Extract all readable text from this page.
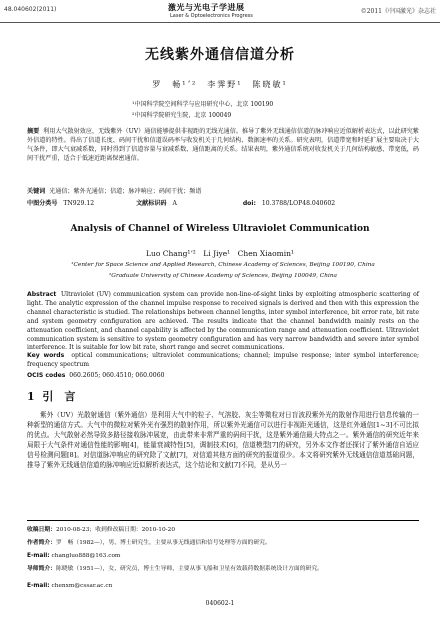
48.040602(2011)	激光与光电子学进展
Laser & Optoelectronics Progress
©2011《中国激光》杂志社
无线紫外通信信道分析
罗　畅¹ʼ²　李霁野¹　陈晓敏¹
¹中国科学院空间科学与应用研究中心，北京 100190
²中国科学院研究生院，北京 100049
摘要 利用大气散射效应，无线紫外（UV）通信能够提供非视距的无线光通信。推导了紫外无线通信信道的脉冲响应近似解析表达式，以此研究紫外信道的特性。得出了信道长度、码间干扰和信道误码率与收发机关于几何结构、数据速率的关系。研究表明，信道带宽和时延扩展主要取决于大气条件，即大气衰减系数，同时得到了信道容量与衰减系数、通信距离的关系。结果表明，紫外通信系统对收发机关于几何结构敏感、带宽低，码间干扰严重，适合于低速近距离保密通信。
关键词 光通信；紫外光通信；信道；脉冲响应；码间干扰；频谱
中图分类号 TN929.12	文献标识码 A	doi: 10.3788/LOP48.040602
Analysis of Channel of Wireless Ultraviolet Communication
Luo Chang¹ʼ²　Li Jiye¹　Chen Xiaomin¹
¹Center for Space Science and Applied Research, Chinese Academy of Sciences, Beijing 100190, China
²Graduate University of Chinese Academy of Sciences, Beijing 100049, China
Abstract Ultraviolet (UV) communication system can provide non-line-of-sight links by exploiting atmospheric scattering of light. The analytic expression of the channel impulse response to received signals is derived and then with this expression the channel characteristic is studied. The relationships between channel lengths, inter symbol interference, bit error rate, bit rate and system geometry configuration are achieved. The results indicate that the channel bandwidth mainly rests on the attenuation coefficient, and channel capability is affected by the communication range and attenuation coefficient. Ultraviolet communication system is sensitive to system geometry configuration and has very narrow bandwidth and severe inter symbol interference. It is suitable for low bit rate, short range and secret communications.
Key words optical communications; ultraviolet communications; channel; impulse response; inter symbol interference; frequency spectrum
OCIS codes 060.2605; 060.4510; 060.0060
1 引　言
紫外（UV）光散射通信（紫外通信）是利用大气中的粒子、气溶胶、灰尘等微粒对日盲波段紫外光的散射作用进行信息传输的一种新型的通信方式。大气中的微粒对紫外光有强烈的散射作用，所以紫外光通信可以进行非视距光通信，这是红外通信[1~3]不可比拟的优点。大气散射必然导致多路径接收脉冲展宽，由此带来非常严重的码间干扰，这是紫外通信最大特点之一。紫外通信的研究近年来局限于大气条件对通信性能的影响[4]，能量衰减特性[5]，调制技术[6]，信道模型[7]的研究，另外本文作者还探讨了紫外通信自适应信号检测问题[8]。对信道脉冲响应的研究除了文献[7]，对信道其他方面的研究的报道很少。本文将研究紫外无线通信信道基础问题，推导了紫外无线通信信道的脉冲响应近似解析表达式，这个结论和文献[7]不同，是从另一
收稿日期：2010-08-23；收到修改稿日期：2010-10-20
作者简介：罗　畅（1982—），男，博士研究生，主要从事无线通信和信号处理等方面的研究。
E-mail: changluo888@163.com
导师简介：陈晓敏（1951—），女，研究员，博士生导师，主要从事飞船和卫星有效载荷数据系统设计方面的研究。
E-mail: chenxm@cssar.ac.cn
040602-1
